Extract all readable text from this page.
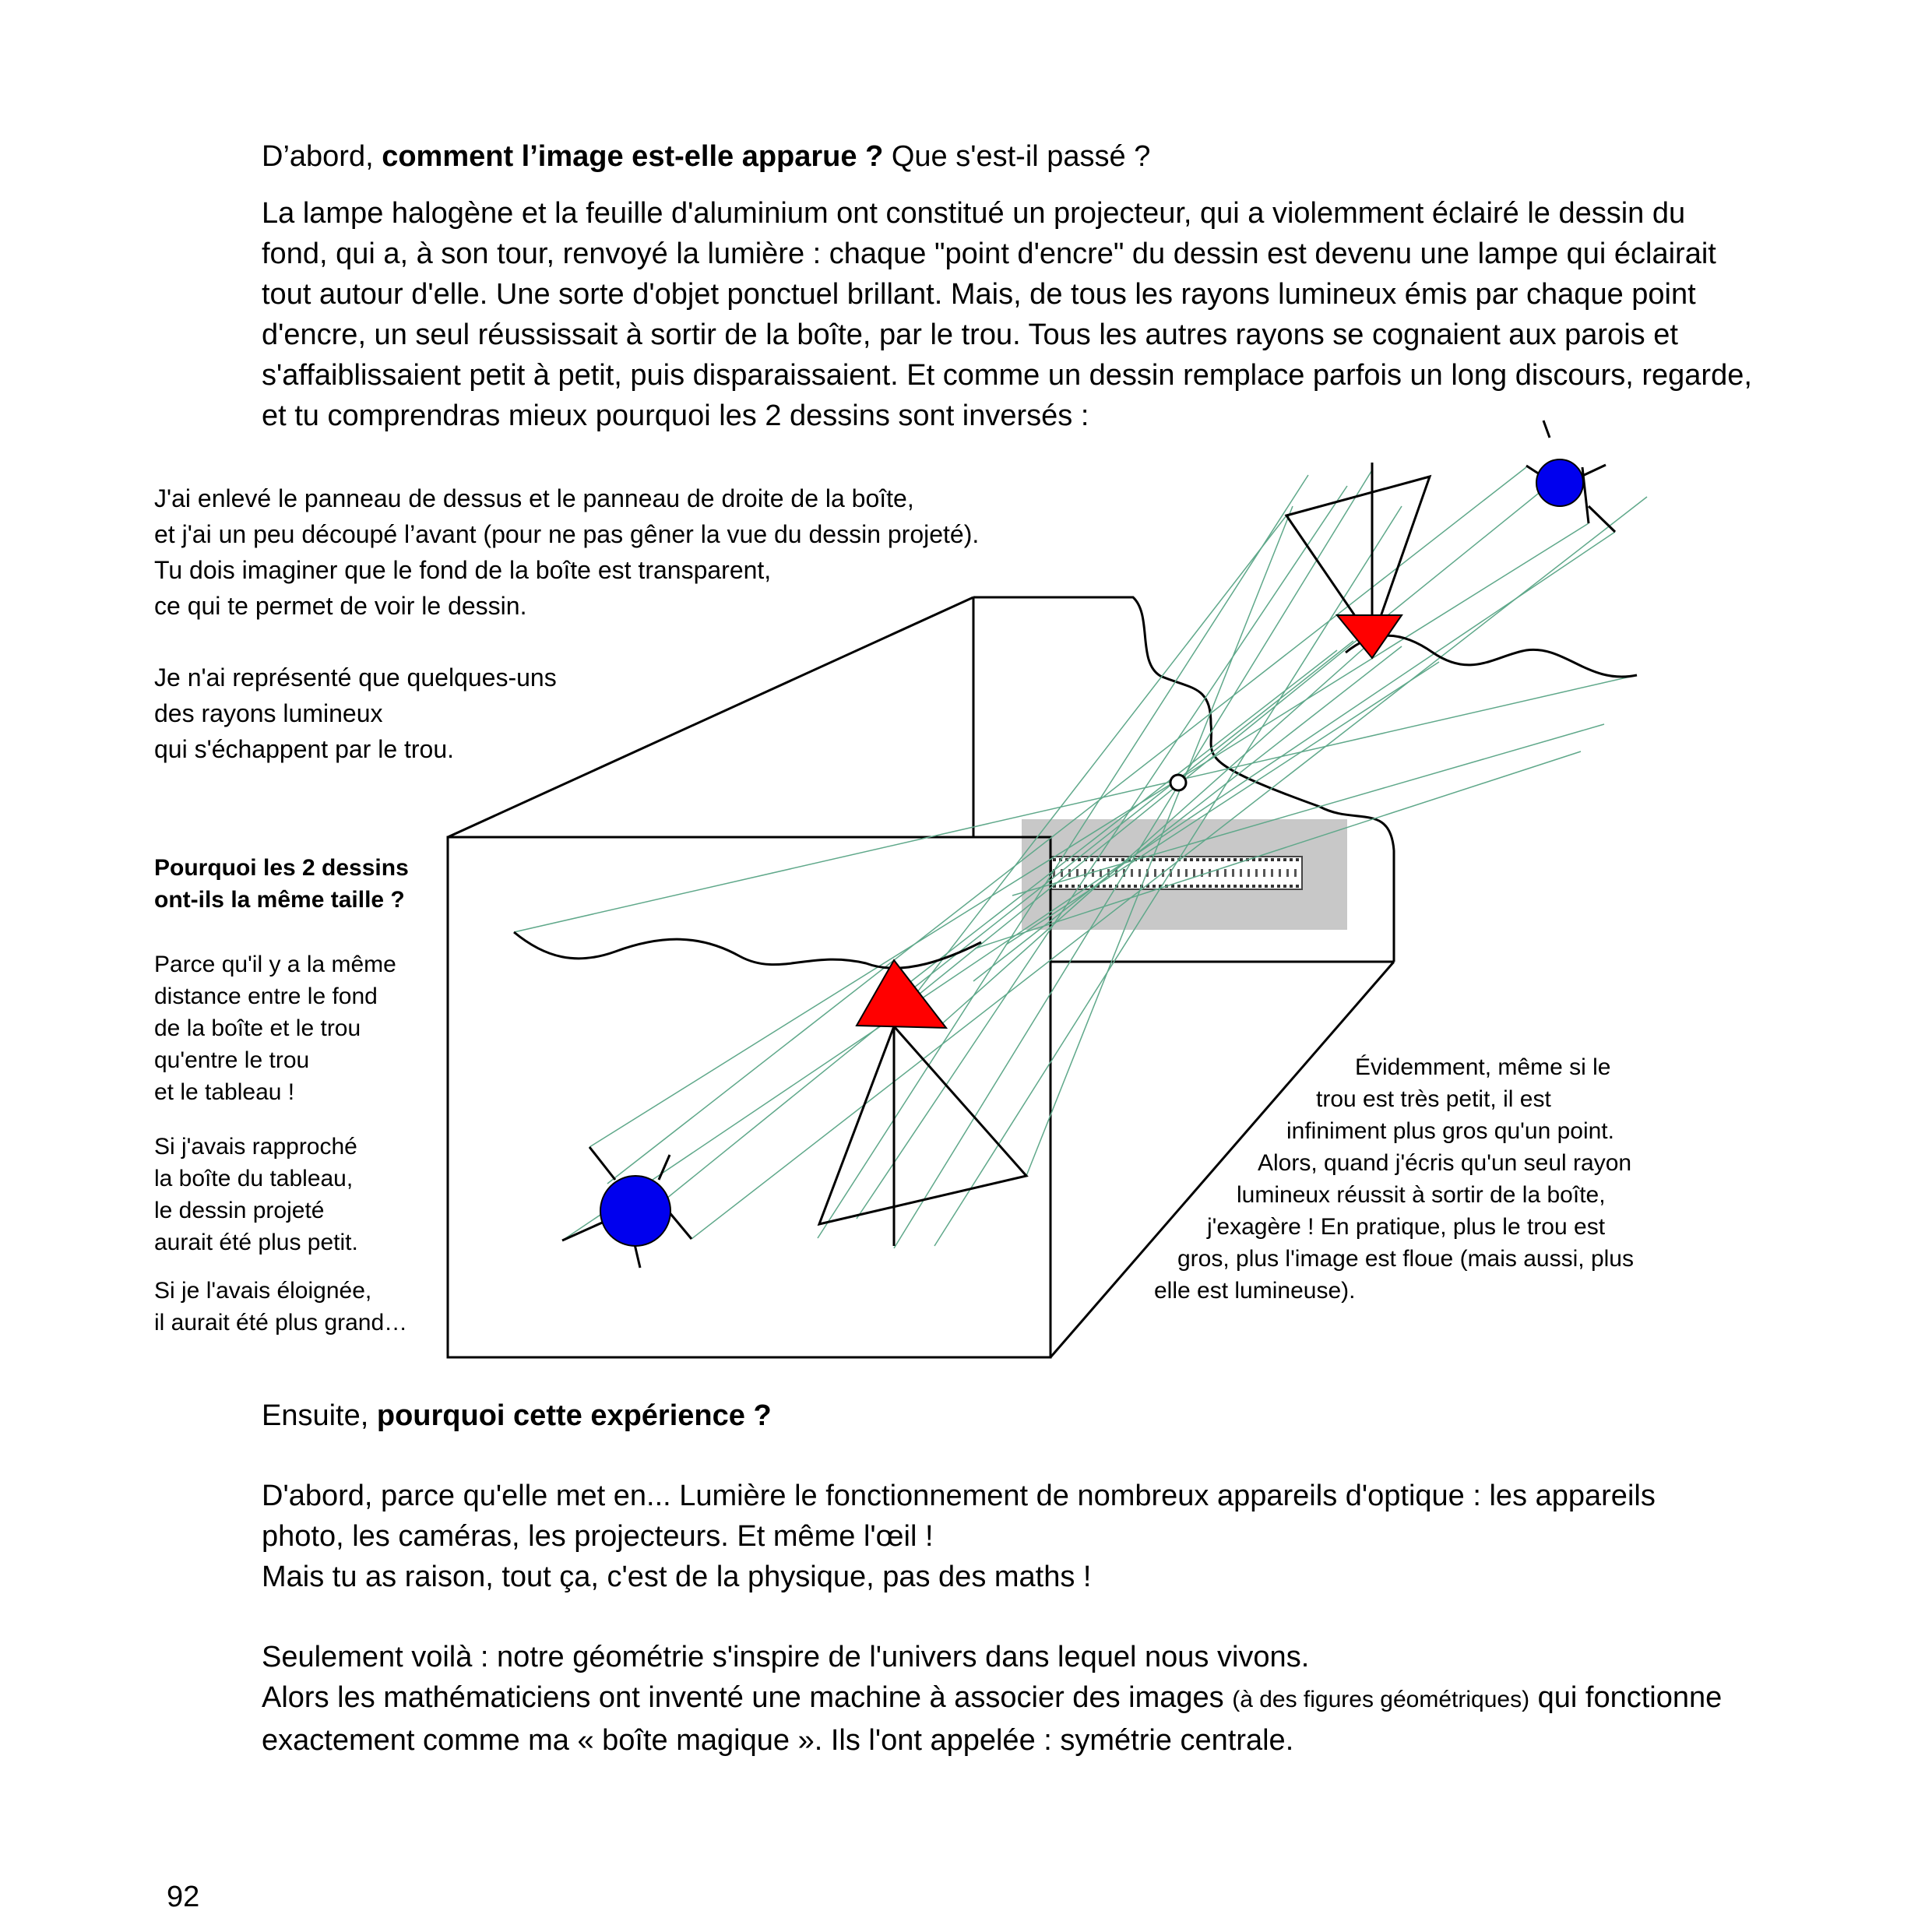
D’abord, comment l’image est-elle apparue ? Que s'est-il passé ?

La lampe halogène et la feuille d'aluminium ont constitué un projecteur, qui a violemment éclairé le dessin du
fond, qui a, à son tour, renvoyé la lumière : chaque "point d'encre" du dessin est devenu une lampe qui éclairait
tout autour d'elle. Une sorte d'objet ponctuel brillant. Mais, de tous les rayons lumineux émis par chaque point
d'encre, un seul réussissait à sortir de la boîte, par le trou. Tous les autres rayons se cognaient aux parois et
s'affaiblissaient petit à petit, puis disparaissaient. Et comme un dessin remplace parfois un long discours, regarde,
et tu comprendras mieux pourquoi les 2 dessins sont inversés :

J'ai enlevé le panneau de dessus et le panneau de droite de la boîte,
et j'ai un peu découpé l’avant (pour ne pas gêner la vue du dessin projeté).
Tu dois imaginer que le fond de la boîte est transparent,
ce qui te permet de voir le dessin.

Je n'ai représenté que quelques-uns
des rayons lumineux
qui s'échappent par le trou.

Pourquoi les 2 dessins
ont-ils la même taille ?

Parce qu'il y a la même
distance entre le fond
de la boîte et le trou
qu'entre le trou
et le tableau !

Si j'avais rapproché
la boîte du tableau,
le dessin projeté
aurait été plus petit.

Si je l'avais éloignée,
il aurait été plus grand…

Évidemment, même si le
trou est très petit, il est
infiniment plus gros qu'un point.
Alors, quand j'écris qu'un seul rayon
lumineux réussit à sortir de la boîte,
j'exagère ! En pratique, plus le trou est
gros, plus l'image est floue (mais aussi, plus
elle est lumineuse).

Ensuite, pourquoi cette expérience ?

D'abord, parce qu'elle met en... Lumière le fonctionnement de nombreux appareils d'optique : les appareils
photo, les caméras, les projecteurs. Et même l'œil !
Mais tu as raison, tout ça, c'est de la physique, pas des maths !

Seulement voilà : notre géométrie s'inspire de l'univers dans lequel nous vivons.
Alors les mathématiciens ont inventé une machine à associer des images (à des figures géométriques) qui fonctionne
exactement comme ma « boîte magique ». Ils l'ont appelée : symétrie centrale.

92
